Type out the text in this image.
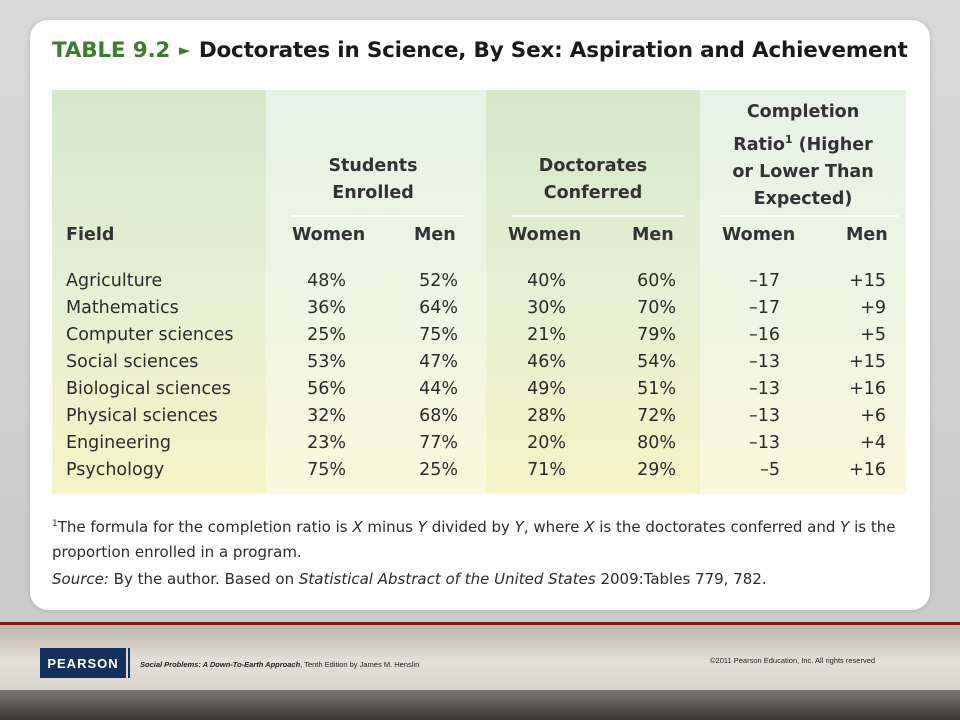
TABLE 9.2 ► Doctorates in Science, By Sex: Aspiration and Achievement
Students
Enrolled
Doctorates
Conferred
Completion
Ratio$^1$ (Higher
or Lower Than
Expected)
Field	Women	Men	Women	Men	Women	Men
Agriculture	48%	52%	40%	60%	–17	+15
Mathematics	36%	64%	30%	70%	–17	+9
Computer sciences	25%	75%	21%	79%	–16	+5
Social sciences	53%	47%	46%	54%	–13	+15
Biological sciences	56%	44%	49%	51%	–13	+16
Physical sciences	32%	68%	28%	72%	–13	+6
Engineering	23%	77%	20%	80%	–13	+4
Psychology	75%	25%	71%	29%	–5	+16
$^1$The formula for the completion ratio is X minus Y divided by Y, where X is the doctorates conferred and Y is the
proportion enrolled in a program.
Source: By the author. Based on Statistical Abstract of the United States 2009:Tables 779, 782.
PEARSON	Social Problems: A Down-To-Earth Approach, Tenth Edition by James M. Henslin	©2011 Pearson Education, Inc. All rights reserved
